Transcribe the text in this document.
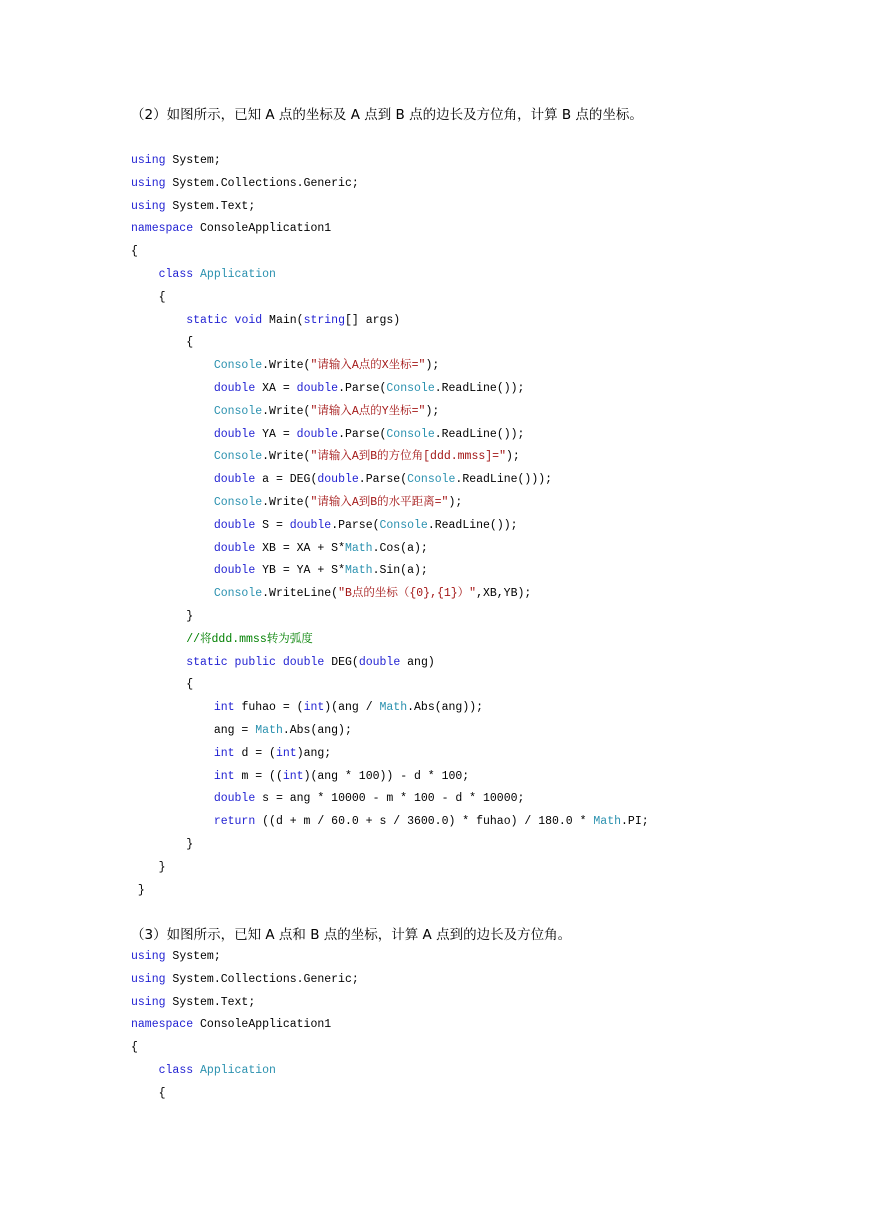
（2）如图所示，已知 A 点的坐标及 A 点到 B 点的边长及方位角，计算 B 点的坐标。
using System;
using System.Collections.Generic;
using System.Text;
namespace ConsoleApplication1
{
class Application
{
static void Main(string[] args)
{
Console.Write("请输入A点的X坐标=");
double XA = double.Parse(Console.ReadLine());
Console.Write("请输入A点的Y坐标=");
double YA = double.Parse(Console.ReadLine());
Console.Write("请输入A到B的方位角[ddd.mmss]=");
double a = DEG(double.Parse(Console.ReadLine()));
Console.Write("请输入A到B的水平距离=");
double S = double.Parse(Console.ReadLine());
double XB = XA + S*Math.Cos(a);
double YB = YA + S*Math.Sin(a);
Console.WriteLine("B点的坐标（{0},{1}）",XB,YB);
}
//将ddd.mmss转为弧度
static public double DEG(double ang)
{
int fuhao = (int)(ang / Math.Abs(ang));
ang = Math.Abs(ang);
int d = (int)ang;
int m = ((int)(ang * 100)) - d * 100;
double s = ang * 10000 - m * 100 - d * 10000;
return ((d + m / 60.0 + s / 3600.0) * fuhao) / 180.0 * Math.PI;
}
}
}
（3）如图所示，已知 A 点和 B 点的坐标，计算 A 点到的边长及方位角。
using System;
using System.Collections.Generic;
using System.Text;
namespace ConsoleApplication1
{
class Application
{
